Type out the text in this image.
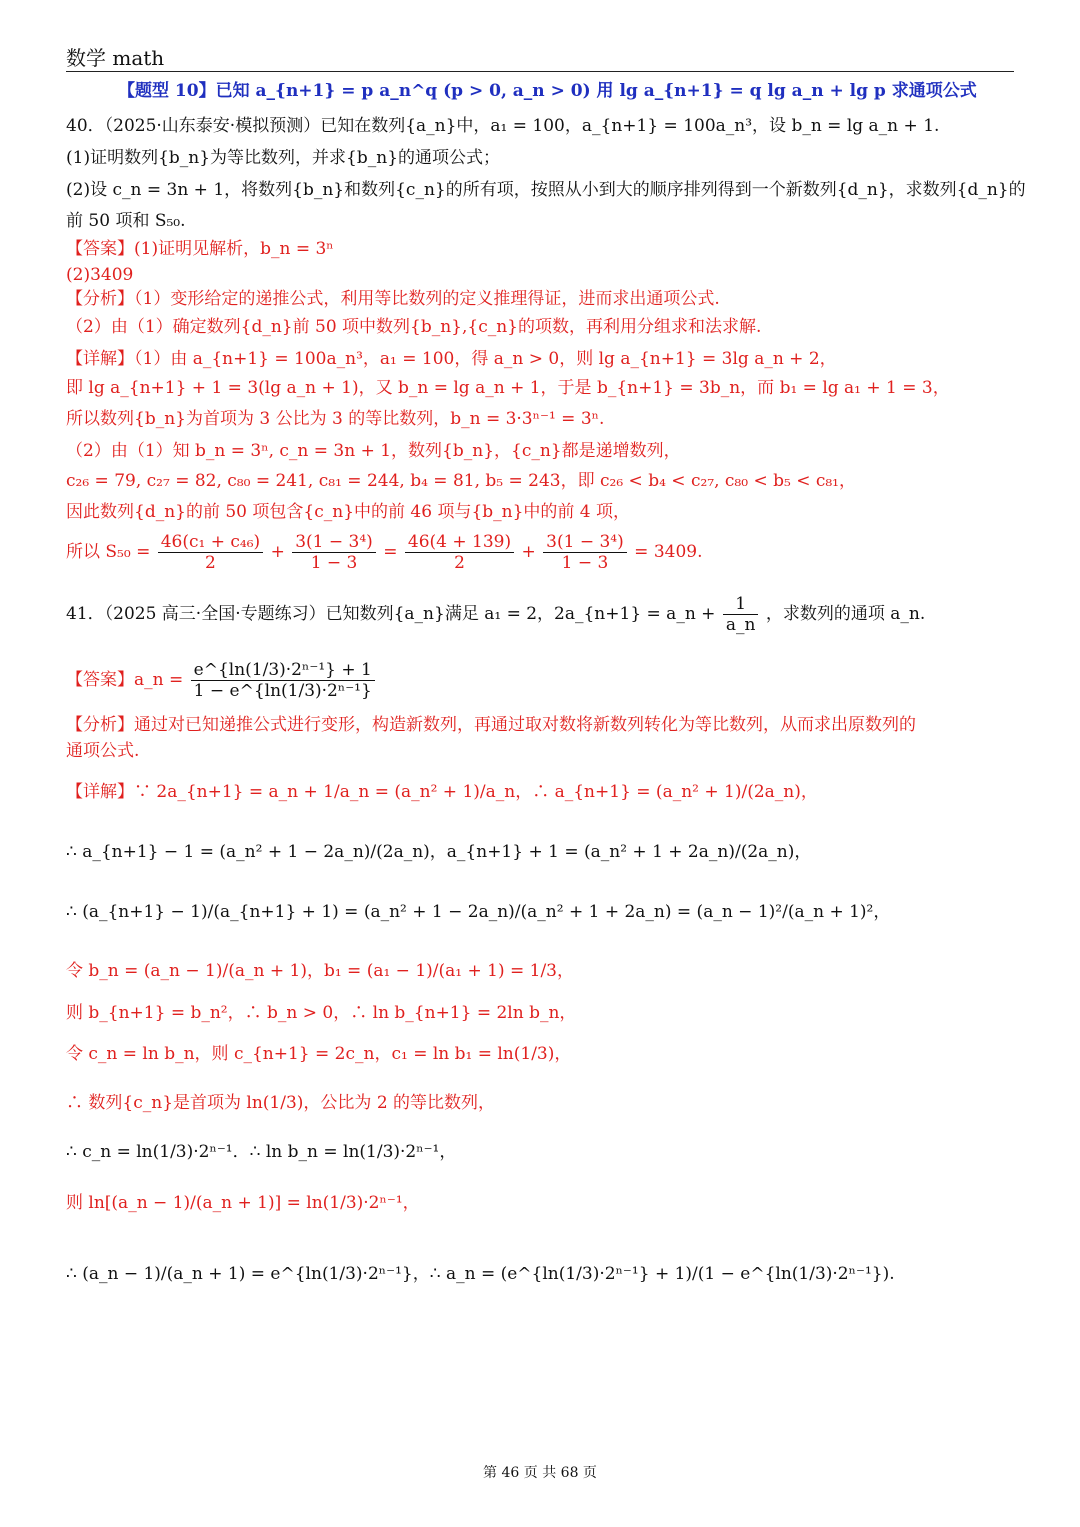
数学 math
【题型 10】已知 a_{n+1} = p a_n^q (p > 0, a_n > 0) 用 lg a_{n+1} = q lg a_n + lg p 求通项公式
40．（2025·山东泰安·模拟预测）已知在数列{a_n}中，a₁ = 100，a_{n+1} = 100a_n³，设 b_n = lg a_n + 1.
(1)证明数列{b_n}为等比数列，并求{b_n}的通项公式；
(2)设 c_n = 3n + 1，将数列{b_n}和数列{c_n}的所有项，按照从小到大的顺序排列得到一个新数列{d_n}，求数列{d_n}的
前 50 项和 S₅₀.
【答案】(1)证明见解析，b_n = 3ⁿ
(2)3409
【分析】（1）变形给定的递推公式，利用等比数列的定义推理得证，进而求出通项公式.
（2）由（1）确定数列{d_n}前 50 项中数列{b_n},{c_n}的项数，再利用分组求和法求解.
【详解】（1）由 a_{n+1} = 100a_n³，a₁ = 100，得 a_n > 0，则 lg a_{n+1} = 3lg a_n + 2，
即 lg a_{n+1} + 1 = 3(lg a_n + 1)，又 b_n = lg a_n + 1，于是 b_{n+1} = 3b_n，而 b₁ = lg a₁ + 1 = 3，
所以数列{b_n}为首项为 3 公比为 3 的等比数列，b_n = 3·3ⁿ⁻¹ = 3ⁿ.
（2）由（1）知 b_n = 3ⁿ, c_n = 3n + 1，数列{b_n}，{c_n}都是递增数列，
c₂₆ = 79, c₂₇ = 82, c₈₀ = 241, c₈₁ = 244, b₄ = 81, b₅ = 243，即 c₂₆ < b₄ < c₂₇, c₈₀ < b₅ < c₈₁，
因此数列{d_n}的前 50 项包含{c_n}中的前 46 项与{b_n}中的前 4 项，
所以 $S_{50} = \frac{\text{46(c₁ + c₄₆)}}{2} + \frac{\text{3(1 − 3⁴)}}{1 - 3} = \frac{46(4 + 139)}{2} + \frac{\text{3(1 − 3⁴)}}{1 - 3} = 3409$.
41．（2025 高三·全国·专题练习）已知数列{a_n}满足 a₁ = 2，2a_{n+1} = a_n + $\frac{1}{a\_n}$ ，求数列的通项 a_n.
【答案】a_n = $\frac{\text{e\textasciicircum{}\{ln(1/3)·2ⁿ⁻¹\} + 1}}{\text{1 − e\textasciicircum{}\{ln(1/3)·2ⁿ⁻¹\}}}$
【分析】通过对已知递推公式进行变形，构造新数列，再通过取对数将新数列转化为等比数列，从而求出原数列的
通项公式.
【详解】∵ 2a_{n+1} = a_n + 1/a_n = (a_n² + 1)/a_n，∴ a_{n+1} = (a_n² + 1)/(2a_n)，
∴ a_{n+1} − 1 = (a_n² + 1 − 2a_n)/(2a_n)，a_{n+1} + 1 = (a_n² + 1 + 2a_n)/(2a_n)，
∴ (a_{n+1} − 1)/(a_{n+1} + 1) = (a_n² + 1 − 2a_n)/(a_n² + 1 + 2a_n) = (a_n − 1)²/(a_n + 1)²，
令 b_n = (a_n − 1)/(a_n + 1)，b₁ = (a₁ − 1)/(a₁ + 1) = 1/3，
则 b_{n+1} = b_n²，∴ b_n > 0，∴ ln b_{n+1} = 2ln b_n，
令 c_n = ln b_n，则 c_{n+1} = 2c_n，c₁ = ln b₁ = ln(1/3)，
∴ 数列{c_n}是首项为 ln(1/3)，公比为 2 的等比数列，
∴ c_n = ln(1/3)·2ⁿ⁻¹．∴ ln b_n = ln(1/3)·2ⁿ⁻¹，
则 ln[(a_n − 1)/(a_n + 1)] = ln(1/3)·2ⁿ⁻¹，
∴ (a_n − 1)/(a_n + 1) = e^{ln(1/3)·2ⁿ⁻¹}，∴ a_n = (e^{ln(1/3)·2ⁿ⁻¹} + 1)/(1 − e^{ln(1/3)·2ⁿ⁻¹}).
第 46 页 共 68 页
